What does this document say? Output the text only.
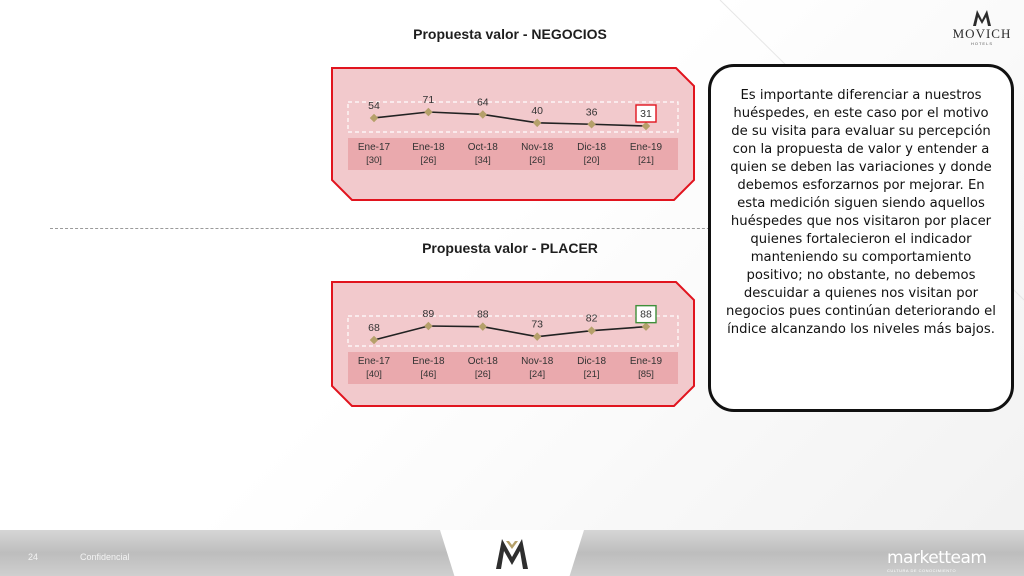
MOVICH
HOTELS
Propuesta valor - NEGOCIOS
54
Ene-17
[30]
71
Ene-18
[26]
64
Oct-18
[34]
40
Nov-18
[26]
36
Dic-18
[20]
31
Ene-19
[21]
Propuesta valor - PLACER
68
Ene-17
[40]
89
Ene-18
[46]
88
Oct-18
[26]
73
Nov-18
[24]
82
Dic-18
[21]
88
Ene-19
[85]
Es importante diferenciar a nuestros huéspedes, en este caso por el motivo de su visita para evaluar su percepción con la propuesta de valor y entender a quien se deben las variaciones y donde debemos esforzarnos por mejorar. En esta medición siguen siendo aquellos huéspedes que nos visitaron por placer quienes fortalecieron el indicador manteniendo su comportamiento positivo; no obstante, no debemos descuidar a quienes nos visitan por negocios pues continúan deteriorando el índice alcanzando los niveles más bajos.
24	Confidencial	marketteam
CULTURA DE CONOCIMIENTO
